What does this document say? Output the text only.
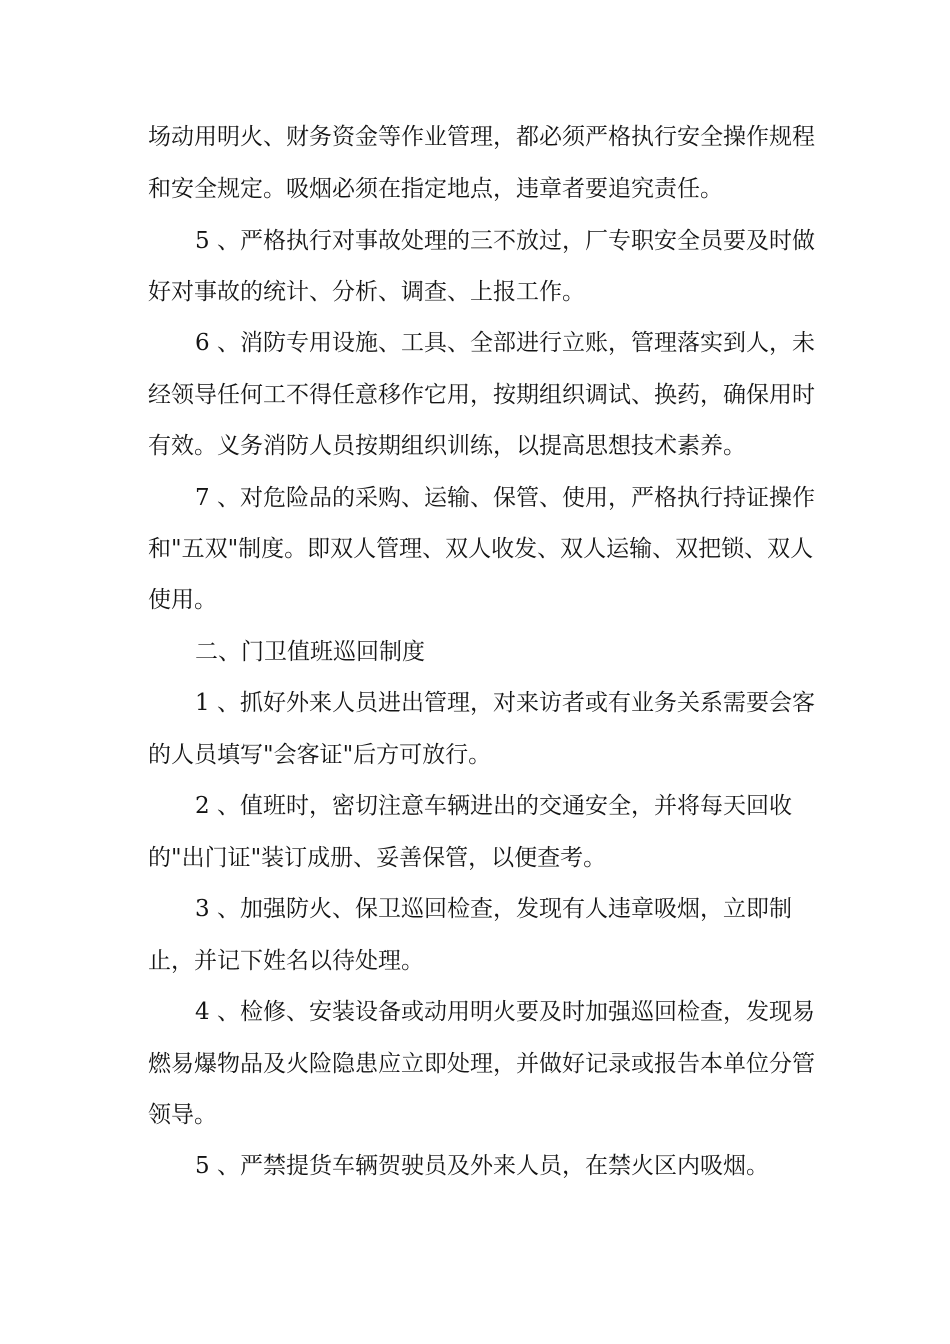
场动用明火、财务资金等作业管理，都必须严格执行安全操作规程
和安全规定。吸烟必须在指定地点，违章者要追究责任。
5 、严格执行对事故处理的三不放过，厂专职安全员要及时做
好对事故的统计、分析、调查、上报工作。
6 、消防专用设施、工具、全部进行立账，管理落实到人，未
经领导任何工不得任意移作它用，按期组织调试、换药，确保用时
有效。义务消防人员按期组织训练，以提高思想技术素养。
7 、对危险品的采购、运输、保管、使用，严格执行持证操作
和"五双"制度。即双人管理、双人收发、双人运输、双把锁、双人
使用。
二、门卫值班巡回制度
1 、抓好外来人员进出管理，对来访者或有业务关系需要会客
的人员填写"会客证"后方可放行。
2 、值班时，密切注意车辆进出的交通安全，并将每天回收
的"出门证"装订成册、妥善保管，以便查考。
3 、加强防火、保卫巡回检查，发现有人违章吸烟，立即制
止，并记下姓名以待处理。
4 、检修、安装设备或动用明火要及时加强巡回检查，发现易
燃易爆物品及火险隐患应立即处理，并做好记录或报告本单位分管
领导。
5 、严禁提货车辆贺驶员及外来人员，在禁火区内吸烟。
